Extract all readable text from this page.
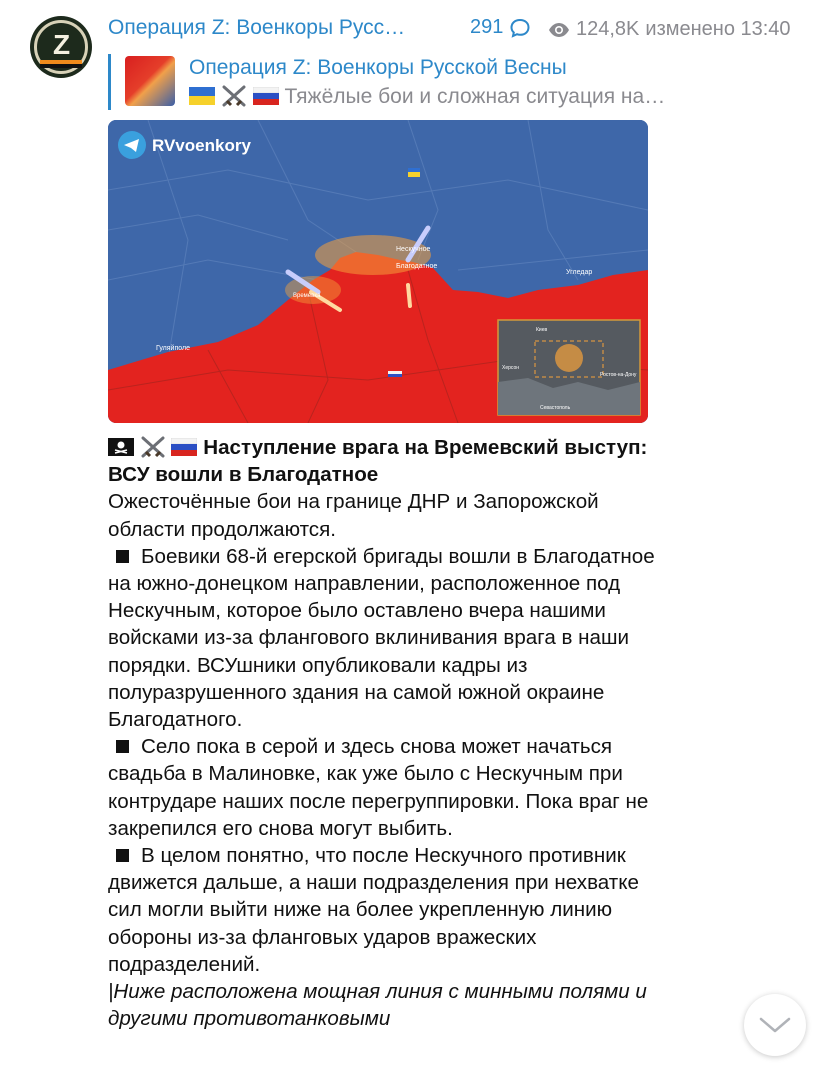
Z
Операция Z: Военкоры Русс…	291	124,8K изменено 13:40
Операция Z: Военкоры Русской Весны
Тяжёлые бои и сложная ситуация на…
Нескучное
Благодатное
Угледар
Гуляйполе
Времевка
RVvoenkory
Киев
Херсон
Ростов-на-Дону
Севастополь

Наступление врага на Времевский выступ: ВСУ вошли в Благодатное

Ожесточённые бои на границе ДНР и Запорожской области продолжаются.

Боевики 68-й егерской бригады вошли в Благодатное на южно-донецком направлении, расположенное под Нескучным, которое было оставлено вчера нашими войсками из-за флангового вклинивания врага в наши порядки. ВСУшники опубликовали кадры из полуразрушенного здания на самой южной окраине Благодатного.

Село пока в серой и здесь снова может начаться свадьба в Малиновке, как уже было с Нескучным при контрударе наших после перегруппировки. Пока враг не закрепился его снова могут выбить.

В целом понятно, что после Нескучного противник движется дальше, а наши подразделения при нехватке сил могли выйти ниже на более укрепленную линию обороны из-за фланговых ударов вражеских подразделений.

|Ниже расположена мощная линия с минными полями и другими противотанковыми
